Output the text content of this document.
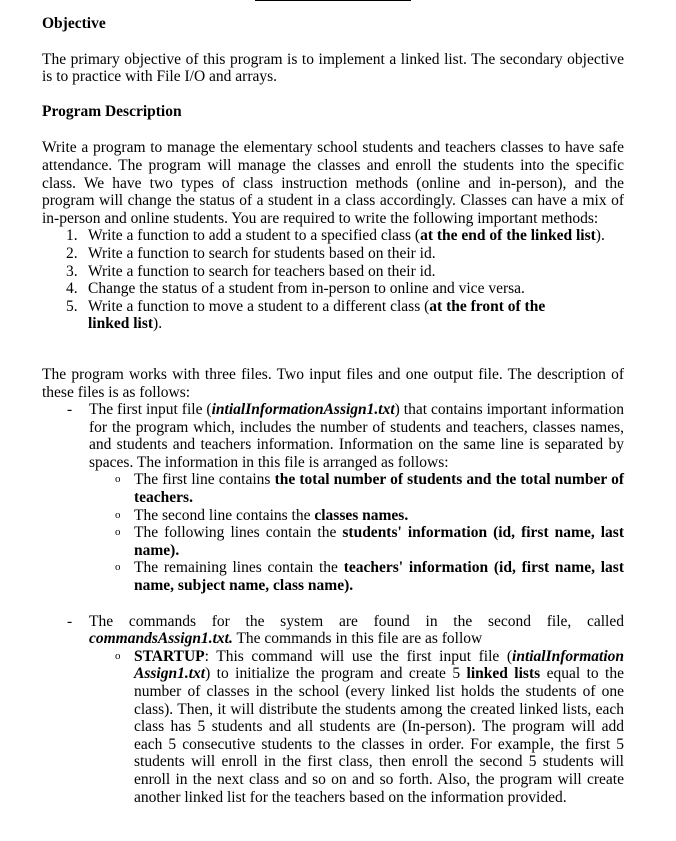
Objective

The primary objective of this program is to implement a linked list. The secondary objective is to practice with File I/O and arrays.

Program Description

Write a program to manage the elementary school students and teachers classes to have safe attendance. The program will manage the classes and enroll the students into the specific class. We have two types of class instruction methods (online and in-person), and the program will change the status of a student in a class accordingly. Classes can have a mix of in-person and online students. You are required to write the following important methods:

1. Write a function to add a student to a specified class (at the end of the linked list).
2. Write a function to search for students based on their id.
3. Write a function to search for teachers based on their id.
4. Change the status of a student from in-person to online and vice versa.
5. Write a function to move a student to a different class (at the front of the linked list).

The program works with three files. Two input files and one output file. The description of these files is as follows:

- The first input file (intialInformationAssign1.txt) that contains important information for the program which, includes the number of students and teachers, classes names, and students and teachers information. Information on the same line is separated by spaces. The information in this file is arranged as follows:
o The first line contains the total number of students and the total number of teachers.
o The second line contains the classes names.
o The following lines contain the students' information (id, first name, last name).
o The remaining lines contain the teachers' information (id, first name, last name, subject name, class name).
- The commands for the system are found in the second file, called commandsAssign1.txt. The commands in this file are as follow
o STARTUP: This command will use the first input file (intialInformation Assign1.txt) to initialize the program and create 5 linked lists equal to the number of classes in the school (every linked list holds the students of one class). Then, it will distribute the students among the created linked lists, each class has 5 students and all students are (In-person). The program will add each 5 consecutive students to the classes in order. For example, the first 5 students will enroll in the first class, then enroll the second 5 students will enroll in the next class and so on and so forth. Also, the program will create another linked list for the teachers based on the information provided.
